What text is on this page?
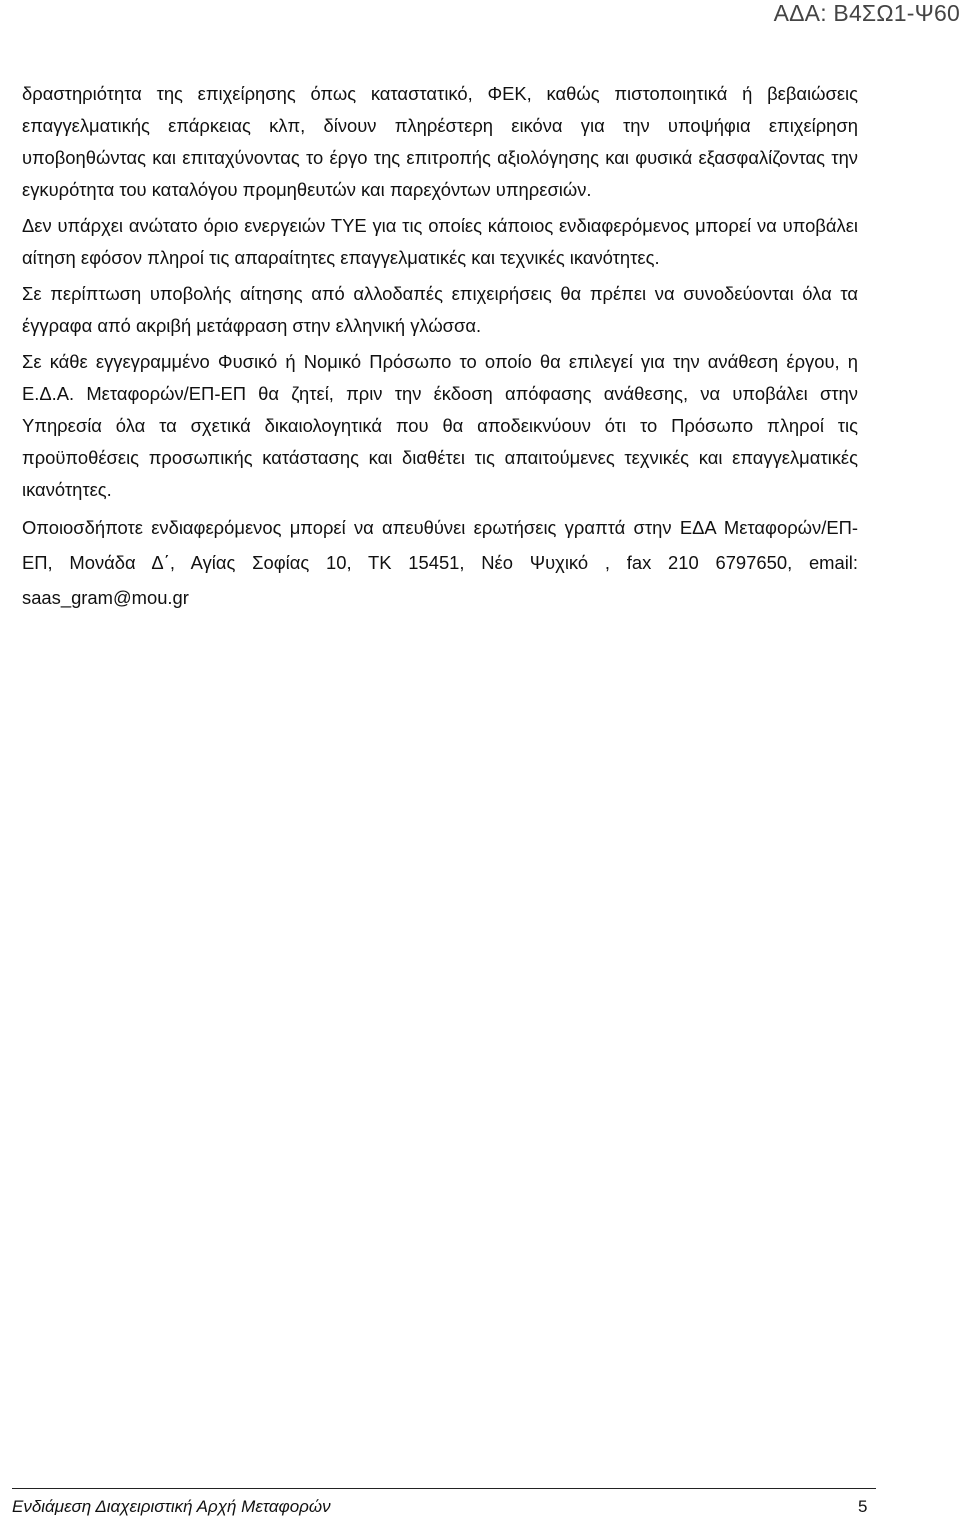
ΑΔΑ: Β4ΣΩ1-Ψ60

δραστηριότητα της επιχείρησης όπως καταστατικό, ΦΕΚ, καθώς πιστοποιητικά ή βεβαιώσεις επαγγελματικής επάρκειας κλπ, δίνουν πληρέστερη εικόνα για την υποψήφια επιχείρηση υποβοηθώντας και επιταχύνοντας το έργο της επιτροπής αξιολόγησης και φυσικά εξασφαλίζοντας την εγκυρότητα του καταλόγου προμηθευτών και παρεχόντων υπηρεσιών.

Δεν υπάρχει ανώτατο όριο ενεργειών ΤΥΕ για τις οποίες κάποιος ενδιαφερόμενος μπορεί να υποβάλει αίτηση εφόσον πληροί τις απαραίτητες επαγγελματικές και τεχνικές ικανότητες.

Σε περίπτωση υποβολής αίτησης από αλλοδαπές επιχειρήσεις θα πρέπει να συνοδεύονται όλα τα έγγραφα από ακριβή μετάφραση στην ελληνική γλώσσα.

Σε κάθε εγγεγραμμένο Φυσικό ή Νομικό Πρόσωπο το οποίο θα επιλεγεί για την ανάθεση έργου, η Ε.Δ.Α. Μεταφορών/ΕΠ-ΕΠ θα ζητεί, πριν την έκδοση απόφασης ανάθεσης, να υποβάλει στην Υπηρεσία όλα τα σχετικά δικαιολογητικά που θα αποδεικνύουν ότι το Πρόσωπο πληροί τις προϋποθέσεις προσωπικής κατάστασης και διαθέτει τις απαιτούμενες τεχνικές και επαγγελματικές ικανότητες.

Οποιοσδήποτε ενδιαφερόμενος μπορεί να απευθύνει ερωτήσεις γραπτά στην ΕΔΑ Μεταφορών/ΕΠ-ΕΠ, Μονάδα Δ΄, Αγίας Σοφίας 10, ΤΚ 15451, Νέο Ψυχικό , fax 210 6797650, email: saas_gram@mou.gr

Ενδιάμεση Διαχειριστική Αρχή Μεταφορών	5
